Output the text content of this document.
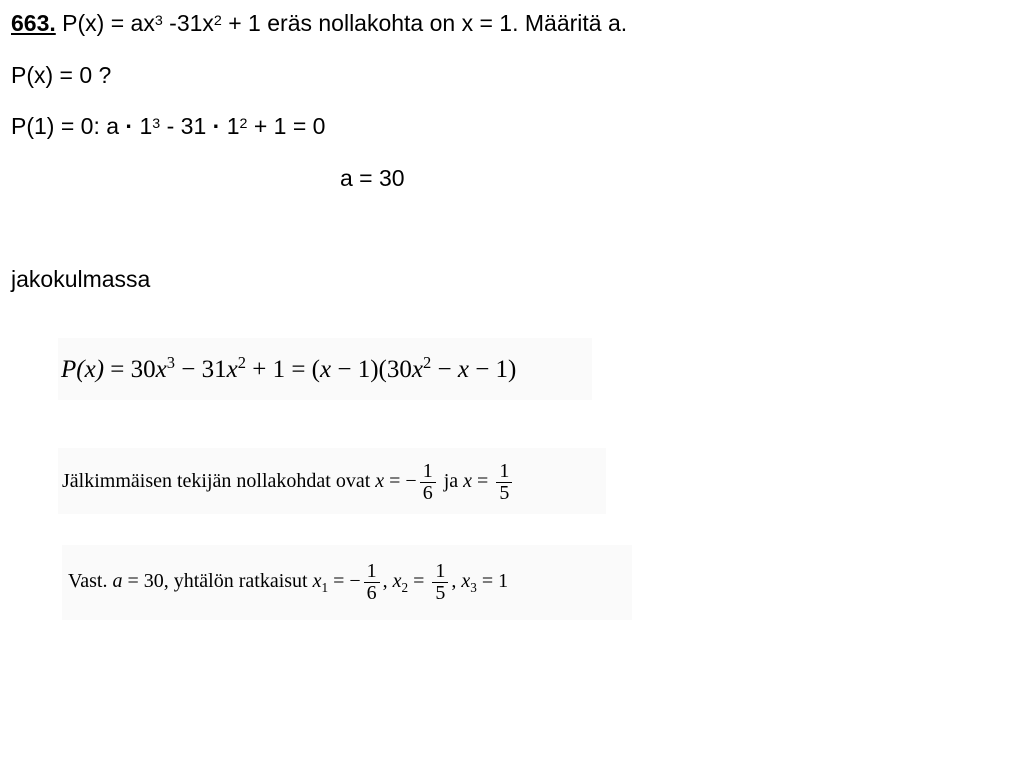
663. $P(x) = ax^3$ $-31x^2 + 1$ eräs nollakohta on x = 1. Määritä a.
P(x) = 0 ?
P(1) = 0: $a \cdot 1^3 - 31 \cdot 1^2 + 1 = 0$
a = 30
jakokulmassa
$P(x) = 30x^3 - 31x^2 + 1 = (x - 1)(30x^2 - x - 1)$
Jälkimmäisen tekijän nollakohdat ovat x = − $\frac{1}{6}$ ja $x = \frac{1}{5}$
Vast. a = 30, yhtälön ratkaisut $x_1$ = − $\frac{1}{6}$ , $x_2 = \frac{1}{5}$ , $x_3 = 1$
